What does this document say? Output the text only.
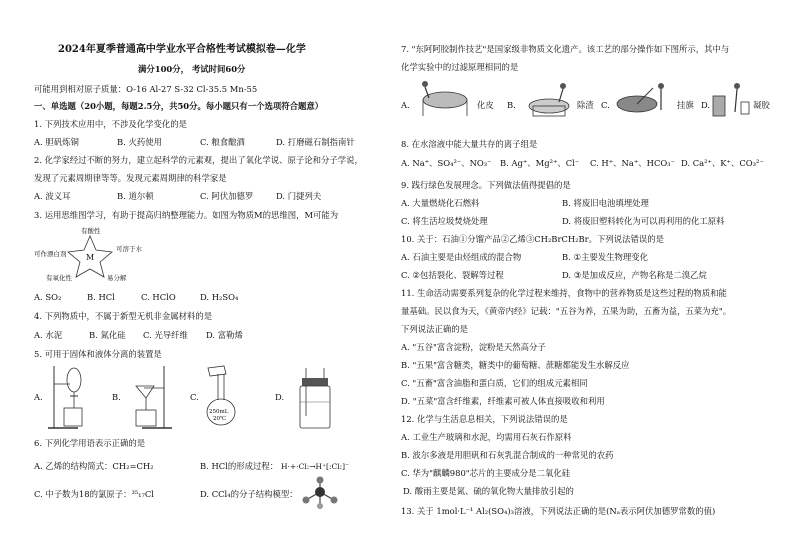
2024年夏季普通高中学业水平合格性考试模拟卷—化学
满分100分， 考试时间60分
可能用到相对原子质量：O-16 Al-27 S-32 Cl-35.5 Mn-55
一、单选题（20小题，每题2.5分，共50分。每小题只有一个选项符合题意）
1. 下列技术应用中，不涉及化学变化的是
A. 胆矾炼铜	B. 火药使用	C. 粮食酿酒	D. 打磨磁石制指南针
2. 化学家经过不断的努力，建立起科学的元素观，提出了氧化学说、原子论和分子学说，
发现了元素周期律等等。发现元素周期律的科学家是
A. 波义耳	B. 道尔顿	C. 阿伏加德罗	D. 门捷列夫
3. 运用思维图学习，有助于提高归纳整理能力。如图为物质M的思维图，M可能为
M
有酸性
可溶于水
易分解
有氧化性
可作漂白剂
A. SO₂	B. HCl	C. HClO	D. H₂SO₄
4. 下列物质中，不属于新型无机非金属材料的是
A. 水泥	B. 氮化硅 C. 光导纤维 D. 富勒烯
5. 可用于固体和液体分离的装置是
A.	B.	C.
250mL
20℃
D.
6. 下列化学用语表示正确的是
A. 乙烯的结构简式：CH₂=CH₂	B. HCl的形成过程： H·+·Cl:→H⁺[:Cl:]⁻
C. 中子数为18的氯原子：³⁵₁₇Cl	D. CCl₄的分子结构模型：
7. "东阿阿胶制作技艺"是国家级非物质文化遗产。该工艺的部分操作如下图所示，其中与
化学实验中的过滤原理相同的是
A.	化皮 B.	除渣 C.	挂旗 D.	凝胶
8. 在水溶液中能大量共存的离子组是
A. Na⁺、SO₄²⁻、NO₃⁻ B. Ag⁺、Mg²⁺、Cl⁻ C. H⁺、Na⁺、HCO₃⁻ D. Ca²⁺、K⁺、CO₃²⁻
9. 践行绿色发展理念。下列做法值得提倡的是
A. 大量燃烧化石燃料	B. 将废旧电池填埋处理
C. 将生活垃圾焚烧处理	D. 将废旧塑料转化为可以再利用的化工原料
10. 关于：石油①分馏产品②乙烯③CH₂BrCH₂Br。下列说法错误的是
A. 石油主要是由烃组成的混合物	B. ①主要发生物理变化
C. ②包括裂化、裂解等过程	D. ③是加成反应，产物名称是二溴乙烷
11. 生命活动需要系列复杂的化学过程来维持，食物中的营养物质是这些过程的物质和能
量基础。民以食为天，《黄帝内经》记载："五谷为养，五果为助，五畜为益，五菜为充"。
下列说法正确的是
A. "五谷"富含淀粉，淀粉是天然高分子
B. "五果"富含糖类，糖类中的葡萄糖、蔗糖都能发生水解反应
C. "五畜"富含油脂和蛋白质，它们的组成元素相同
D. "五菜"富含纤维素，纤维素可被人体直接吸收和利用
12. 化学与生活息息相关，下列说法错误的是
A. 工业生产玻璃和水泥，均需用石灰石作原料
B. 波尔多液是用胆矾和石灰乳混合制成的一种常见的农药
C. 华为"麒麟980"芯片的主要成分是二氧化硅
D. 酸雨主要是氮、硫的氧化物大量排放引起的
13. 关于 1mol·L⁻¹ Al₂(SO₄)₃溶液，下列说法正确的是(Nₐ表示阿伏加德罗常数的值)
